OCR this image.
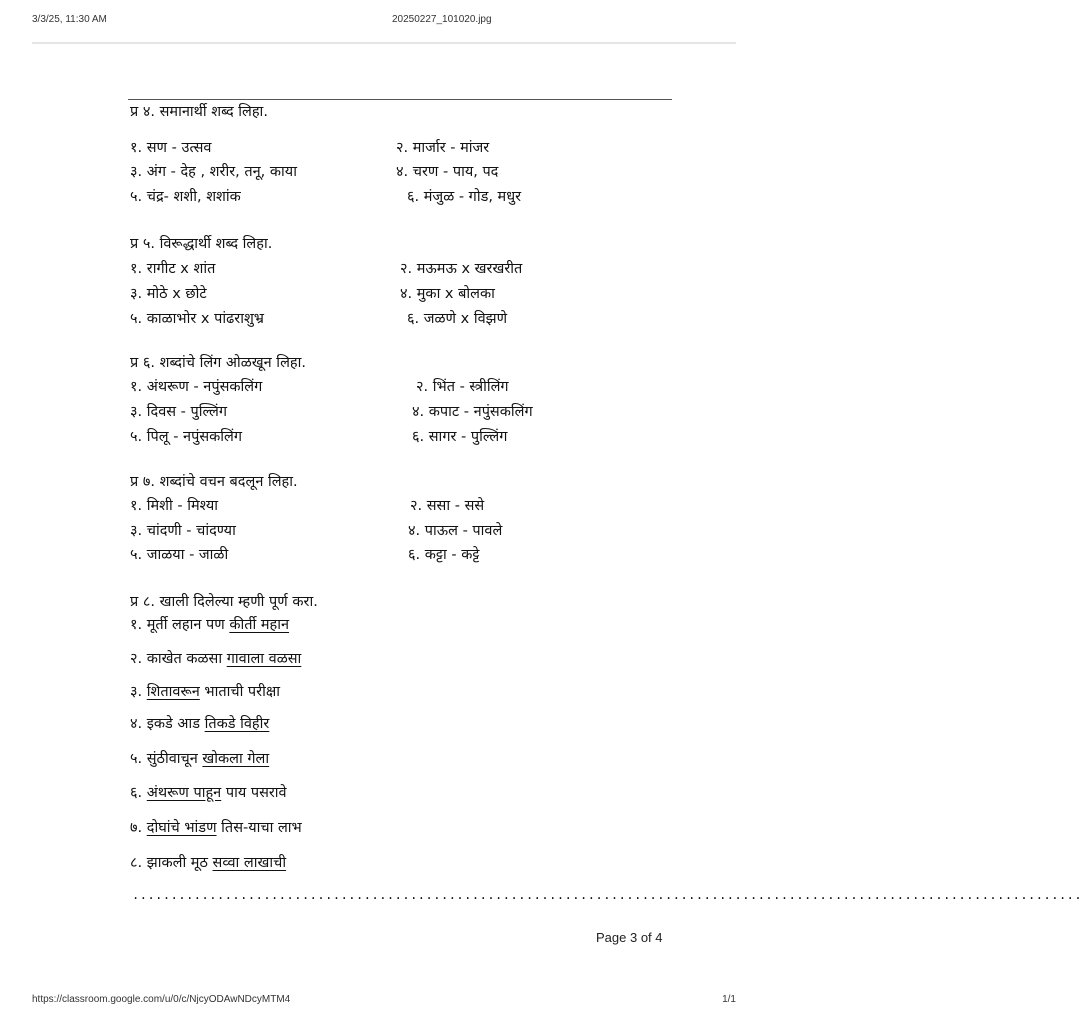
3/3/25, 11:30 AM	20250227_101020.jpg
प्र ४. समानार्थी शब्द लिहा.
१. सण - उत्सव	२. मार्जार - मांजर
३. अंग - देह , शरीर, तनू, काया	४. चरण - पाय, पद
५. चंद्र- शशी, शशांक	६. मंजुळ - गोड, मधुर
प्र ५. विरूद्धार्थी शब्द लिहा.
१. रागीट x शांत	२. मऊमऊ x खरखरीत
३. मोठे x छोटे	४. मुका x बोलका
५. काळाभोर x पांढराशुभ्र	६. जळणे x विझणे
प्र ६. शब्दांचे लिंग ओळखून लिहा.
१. अंथरूण - नपुंसकलिंग	२. भिंत - स्त्रीलिंग
३. दिवस - पुल्लिंग	४. कपाट - नपुंसकलिंग
५. पिलू - नपुंसकलिंग	६. सागर - पुल्लिंग
प्र ७. शब्दांचे वचन बदलून लिहा.
१. मिशी - मिश्या	२. ससा - ससे
३. चांदणी - चांदण्या	४. पाऊल - पावले
५. जाळया - जाळी	६. कट्टा - कट्टे
प्र ८. खाली दिलेल्या म्हणी पूर्ण करा.
१. मूर्ती लहान पण कीर्ती महान
२. काखेत कळसा गावाला वळसा
३. शितावरून भाताची परीक्षा
४. इकडे आड तिकडे विहीर
५. सुंठीवाचून खोकला गेला
६. अंथरूण पाहून पाय पसरावे
७. दोघांचे भांडण तिस-याचा लाभ
८. झाकली मूठ सव्वा लाखाची
...........................................................................................................................
Page 3 of 4
https://classroom.google.com/u/0/c/NjcyODAwNDcyMTM4	1/1
